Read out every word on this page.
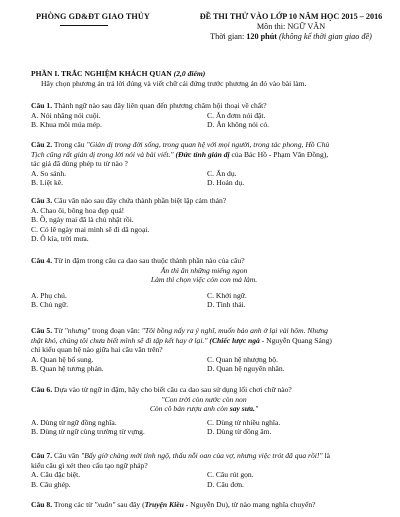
PHÒNG GD&ĐT GIAO THỦY	ĐỀ THI THỬ VÀO LỚP 10 NĂM HỌC 2015 – 2016
Môn thi: NGỮ VĂN
Thời gian: 120 phút (không kể thời gian giao đề)
PHẦN I. TRẮC NGHIỆM KHÁCH QUAN (2,0 điểm)
Hãy chọn phương án trả lời đúng và viết chữ cái đứng trước phương án đó vào bài làm.
Câu 1. Thành ngữ nào sau đây liên quan đến phương châm hội thoại về chất?
A. Nói nhăng nói cuội.	C. Ăn đơm nói đặt.
B. Khua môi múa mép.	D. Ăn không nói có.
Câu 2. Trong câu "Giản dị trong đời sống, trong quan hệ với mọi người, trong tác phong, Hồ Chủ
Tịch cũng rất giản dị trong lời nói và bài viết." (Đức tính giản dị của Bác Hồ - Phạm Văn Đồng),
tác giả đã dùng phép tu từ nào ?
A. So sánh.	C. Ẩn dụ.
B. Liệt kê.	D. Hoán dụ.
Câu 3. Câu văn nào sau đây chứa thành phần biệt lập cảm thán?
A. Chao ôi, bông hoa đẹp quá!
B. Ồ, ngày mai đã là chủ nhật rồi.
C. Có lẽ ngày mai mình sẽ đi dã ngoại.
D. Ô kìa, trời mưa.
Câu 4. Từ in đậm trong câu ca dao sau thuộc thành phần nào của câu?
Ăn thì ăn những miếng ngon
Làm thì chọn việc cỏn con mà làm.
A. Phụ chú.	C. Khởi ngữ.
B. Chủ ngữ.	D. Tình thái.
Câu 5. Từ "nhưng" trong đoạn văn: "Tôi bồng nấy ra ý nghĩ, muốn bảo anh ở lại vài hôm. Nhưng
thật khó, chúng tôi chưa biết mình sẽ đi tập kết hay ở lại." (Chiếc lược ngà - Nguyễn Quang Sáng)
chỉ kiểu quan hệ nào giữa hai câu văn trên?
A. Quan hệ bổ sung.	C. Quan hệ nhượng bộ.
B. Quan hệ tương phản.	D. Quan hệ nguyên nhân.
Câu 6. Dựa vào từ ngữ in đậm, hãy cho biết câu ca dao sau sử dụng lối chơi chữ nào?
"Con trời còn nước còn non
Còn cô bán rượu anh còn say sưa."
A. Dùng từ ngữ đồng nghĩa.	C. Dùng từ nhiều nghĩa.
B. Dùng từ ngữ cùng trường từ vựng.	D. Dùng từ đồng âm.
Câu 7. Câu văn "Bấy giờ chàng mới tỉnh ngộ, thấu nỗi oan của vợ, nhưng việc trót đã qua rồi!" là
kiểu câu gì xét theo cấu tạo ngữ pháp?
A. Câu đặc biệt.	C. Câu rút gọn.
B. Câu ghép.	D. Câu đơn.
Câu 8. Trong các từ "xuân" sau đây (Truyện Kiều - Nguyễn Du), từ nào mang nghĩa chuyển?
